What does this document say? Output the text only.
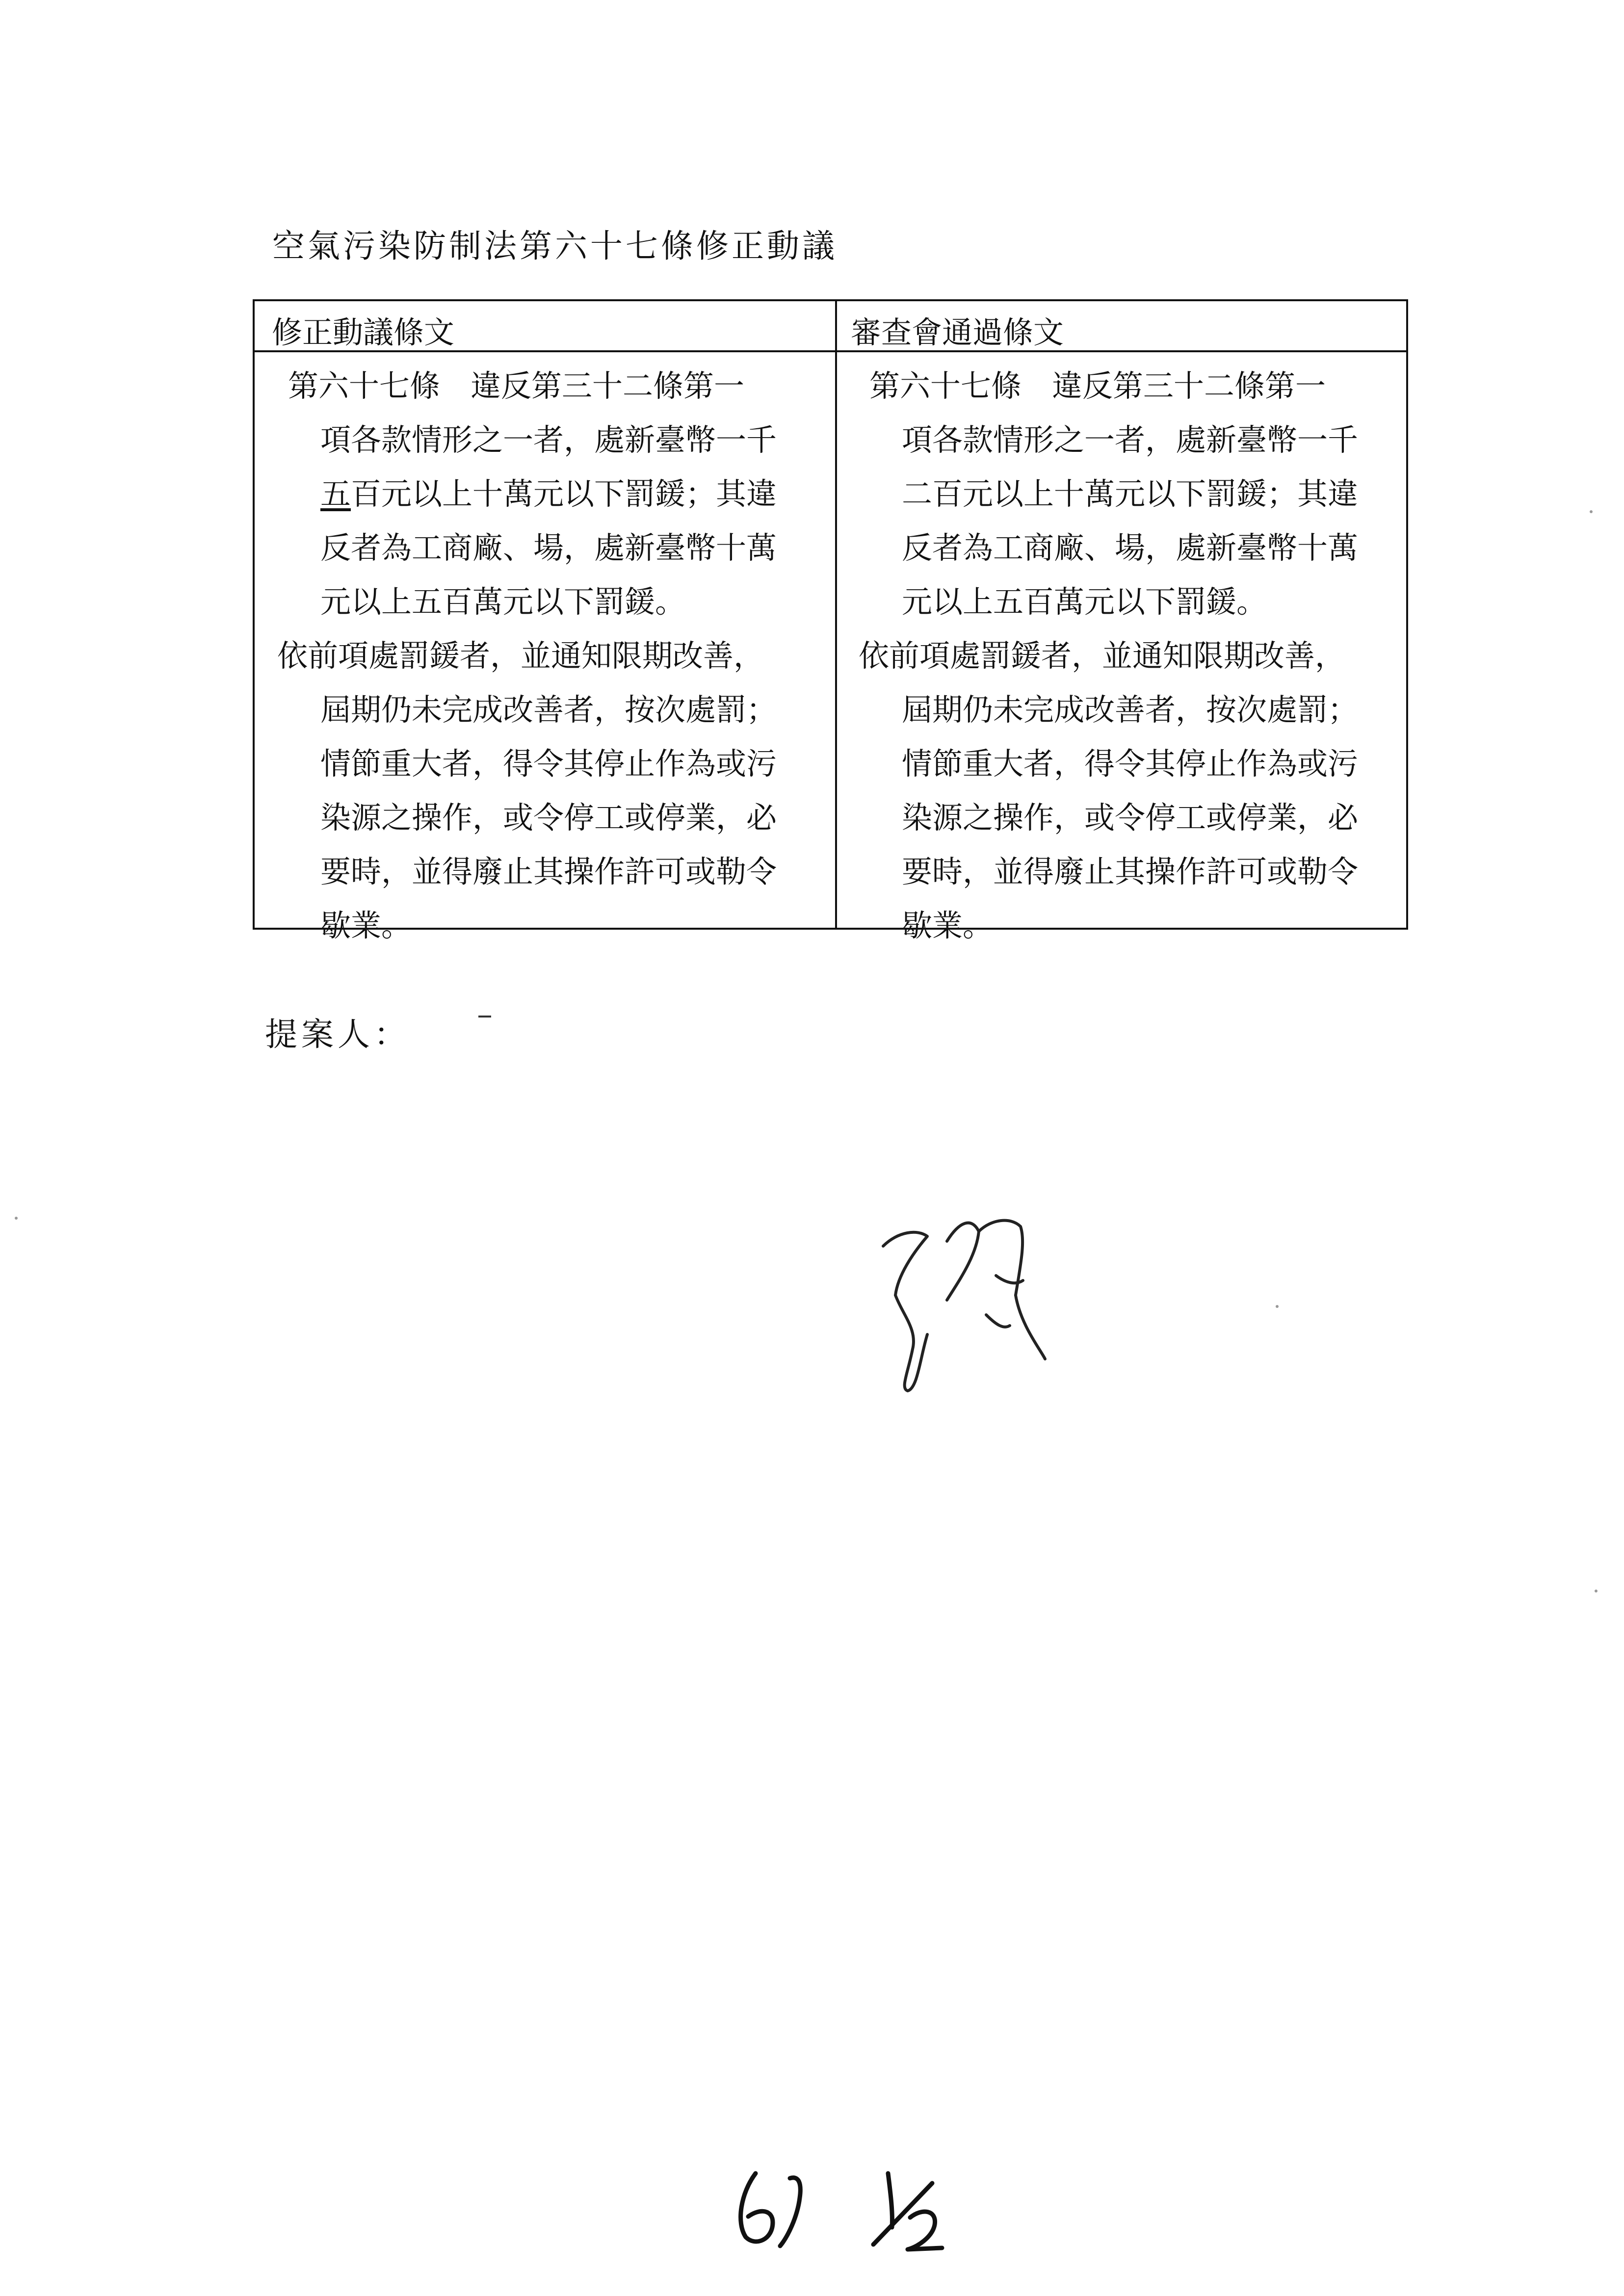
空氣污染防制法第六十七條修正動議
修正動議條文	審查會通過條文

第六十七條　違反第三十二條第一
項各款情形之一者，處新臺幣一千
五百元以上十萬元以下罰鍰；其違
反者為工商廠、場，處新臺幣十萬
元以上五百萬元以下罰鍰。

依前項處罰鍰者，並通知限期改善，
屆期仍未完成改善者，按次處罰；
情節重大者，得令其停止作為或污
染源之操作，或令停工或停業，必
要時，並得廢止其操作許可或勒令
歇業。

第六十七條　違反第三十二條第一
項各款情形之一者，處新臺幣一千
二百元以上十萬元以下罰鍰；其違
反者為工商廠、場，處新臺幣十萬
元以上五百萬元以下罰鍰。

依前項處罰鍰者，並通知限期改善，
屆期仍未完成改善者，按次處罰；
情節重大者，得令其停止作為或污
染源之操作，或令停工或停業，必
要時，並得廢止其操作許可或勒令
歇業。

提案人：
